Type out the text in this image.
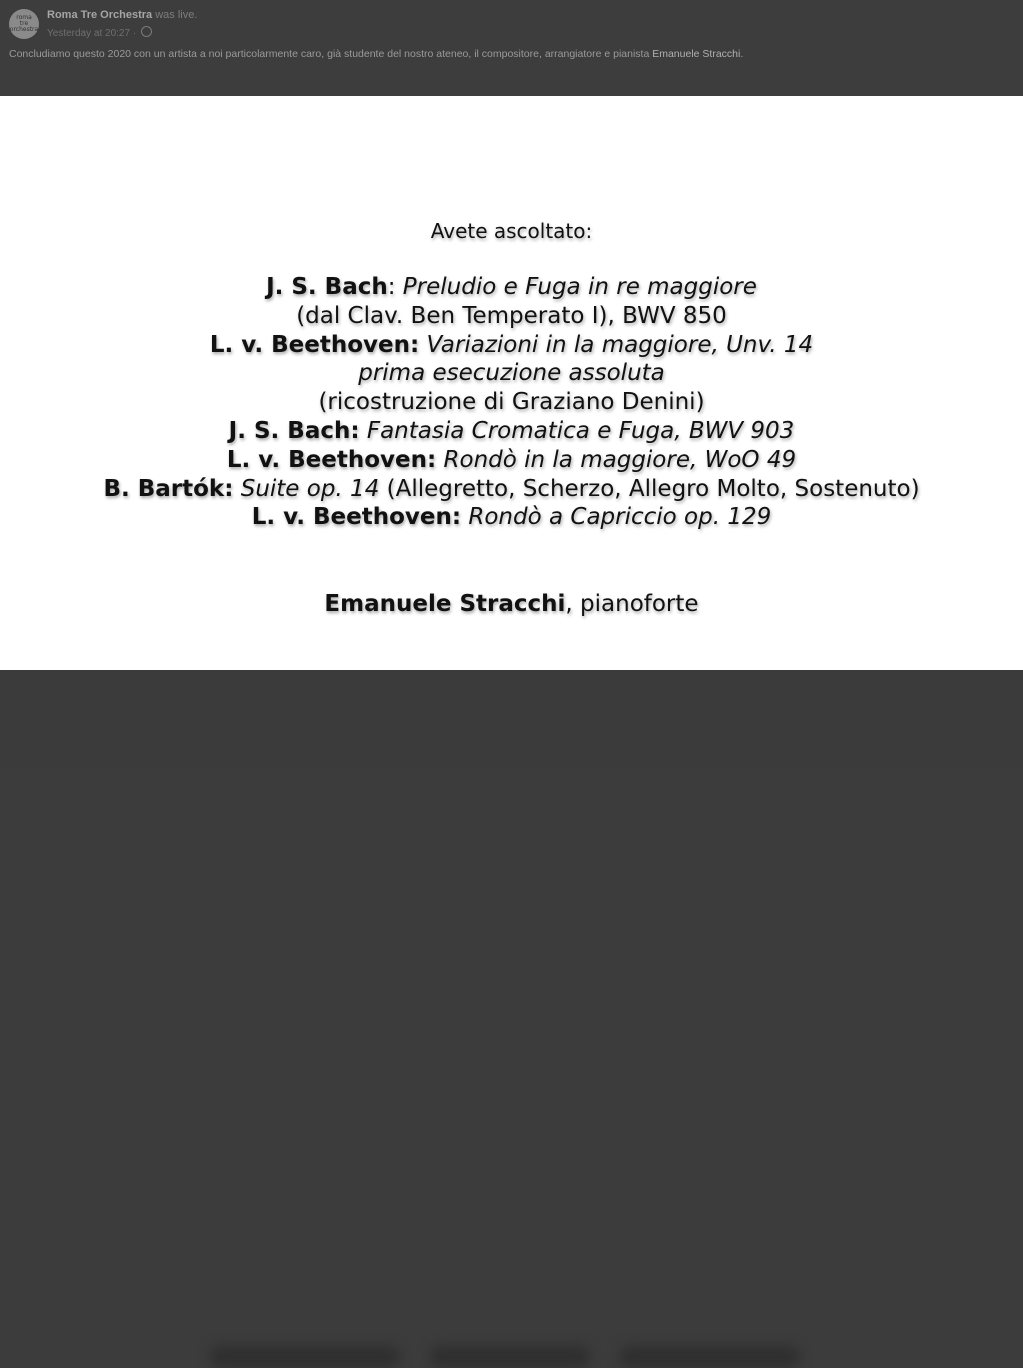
roma
tre
orchestra
Roma Tre Orchestra was live.
Yesterday at 20:27 ·
Concludiamo questo 2020 con un artista a noi particolarmente caro, già studente del nostro ateneo, il compositore, arrangiatore e pianista Emanuele Stracchi.
Avete ascoltato:
J. S. Bach: Preludio e Fuga in re maggiore
(dal Clav. Ben Temperato I), BWV 850
L. v. Beethoven: Variazioni in la maggiore, Unv. 14
prima esecuzione assoluta
(ricostruzione di Graziano Denini)
J. S. Bach: Fantasia Cromatica e Fuga, BWV 903
L. v. Beethoven: Rondò in la maggiore, WoO 49
B. Bartók: Suite op. 14 (Allegretto, Scherzo, Allegro Molto, Sostenuto)
L. v. Beethoven: Rondò a Capriccio op. 129
Emanuele Stracchi, pianoforte
